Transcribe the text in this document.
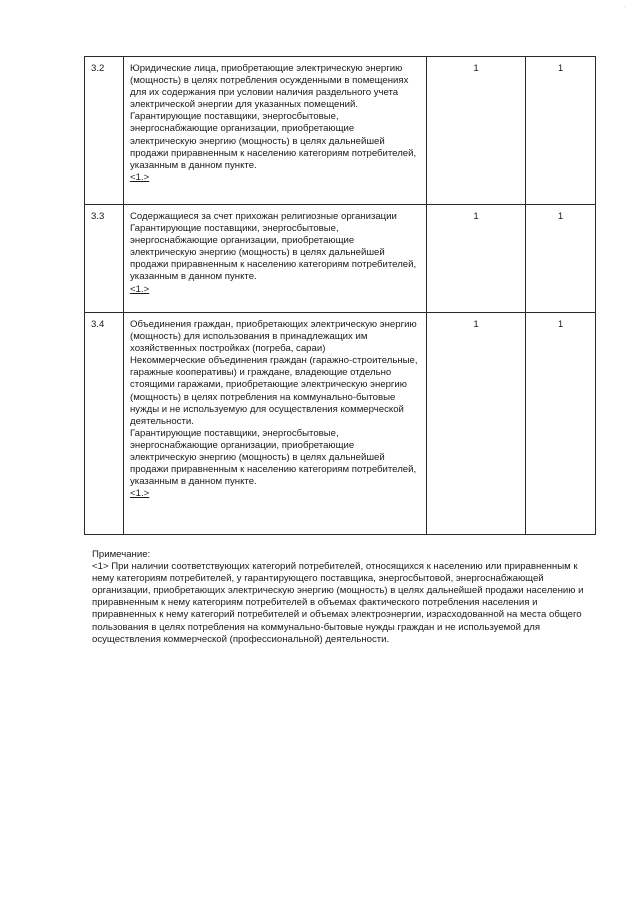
·
3.2	Юридические лица, приобретающие электрическую энергию (мощность) в целях потребления осужденными в помещениях для их содержания при условии наличия раздельного учета электрической энергии для указанных помещений.
Гарантирующие поставщики, энергосбытовые, энергоснабжающие организации, приобретающие электрическую энергию (мощность) в целях дальнейшей продажи приравненным к населению категориям потребителей, указанным в данном пункте.
<1.>	1	1
3.3	Содержащиеся за счет прихожан религиозные организации
Гарантирующие поставщики, энергосбытовые, энергоснабжающие организации, приобретающие электрическую энергию (мощность) в целях дальнейшей продажи приравненным к населению категориям потребителей, указанным в данном пункте.
<1.>	1	1
3.4	Объединения граждан, приобретающих электрическую энергию (мощность) для использования в принадлежащих им хозяйственных постройках (погреба, сараи)
Некоммерческие объединения граждан (гаражно-строительные, гаражные кооперативы) и граждане, владеющие отдельно стоящими гаражами, приобретающие электрическую энергию (мощность) в целях потребления на коммунально-бытовые нужды и не используемую для осуществления коммерческой деятельности.
Гарантирующие поставщики, энергосбытовые, энергоснабжающие организации, приобретающие электрическую энергию (мощность) в целях дальнейшей продажи приравненным к населению категориям потребителей, указанным в данном пункте.
<1.>	1	1
Примечание:
<1> При наличии соответствующих категорий потребителей, относящихся к населению или приравненным к нему категориям потребителей, у гарантирующего поставщика, энергосбытовой, энергоснабжающей организации, приобретающих электрическую энергию (мощность) в целях дальнейшей продажи населению и приравненным к нему категориям потребителей в объемах фактического потребления населения и приравненных к нему категорий потребителей и объемах электроэнергии, израсходованной на места общего пользования в целях потребления на коммунально-бытовые нужды граждан и не используемой для осуществления коммерческой (профессиональной) деятельности.
